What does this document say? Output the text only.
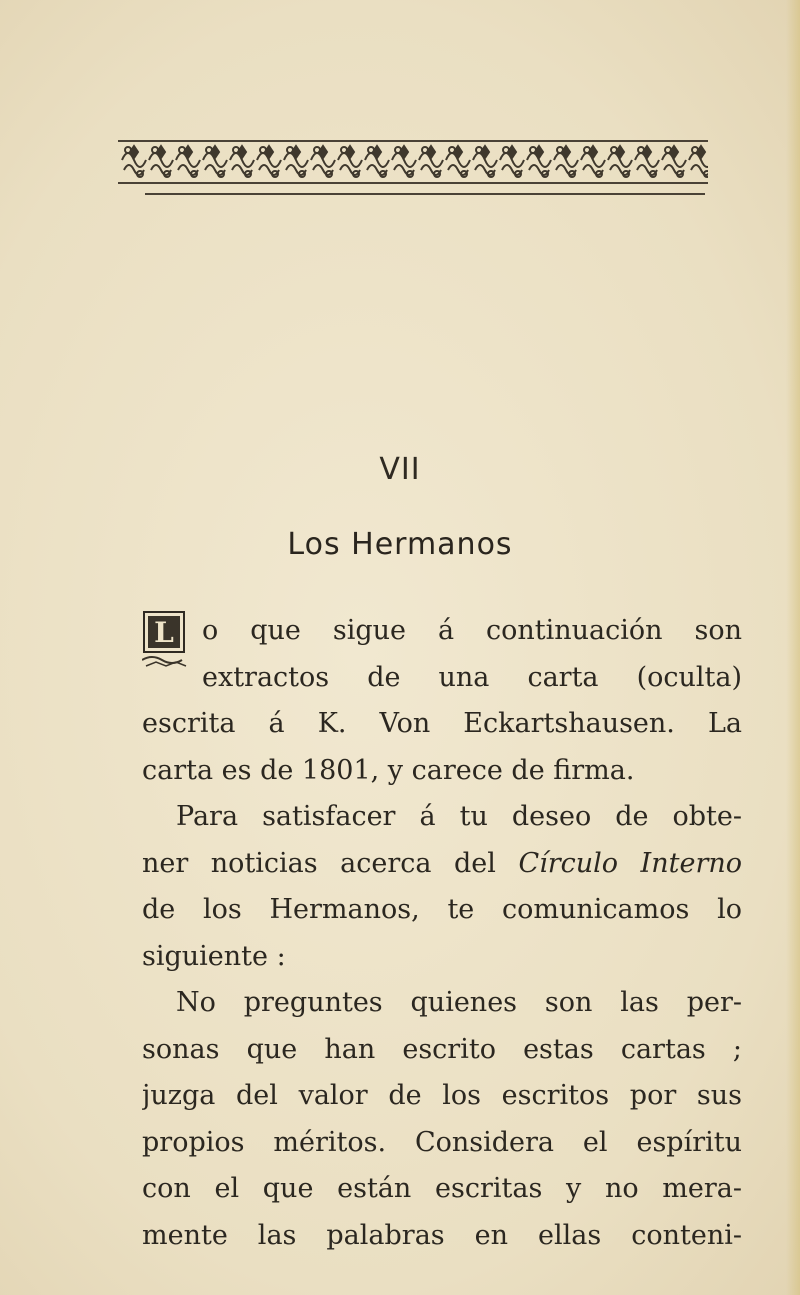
VII
Los Hermanos
L	o que sigue á continuación son
extractos de una carta (oculta)
escrita á K. Von Eckartshausen. La
carta es de 1801, y carece de firma.
Para satisfacer á tu deseo de obte-
ner noticias acerca del Círculo Interno
de los Hermanos, te comunicamos lo
siguiente :
No preguntes quienes son las per-
sonas que han escrito estas cartas ;
juzga del valor de los escritos por sus
propios méritos. Considera el espíritu
con el que están escritas y no mera-
mente las palabras en ellas conteni-
